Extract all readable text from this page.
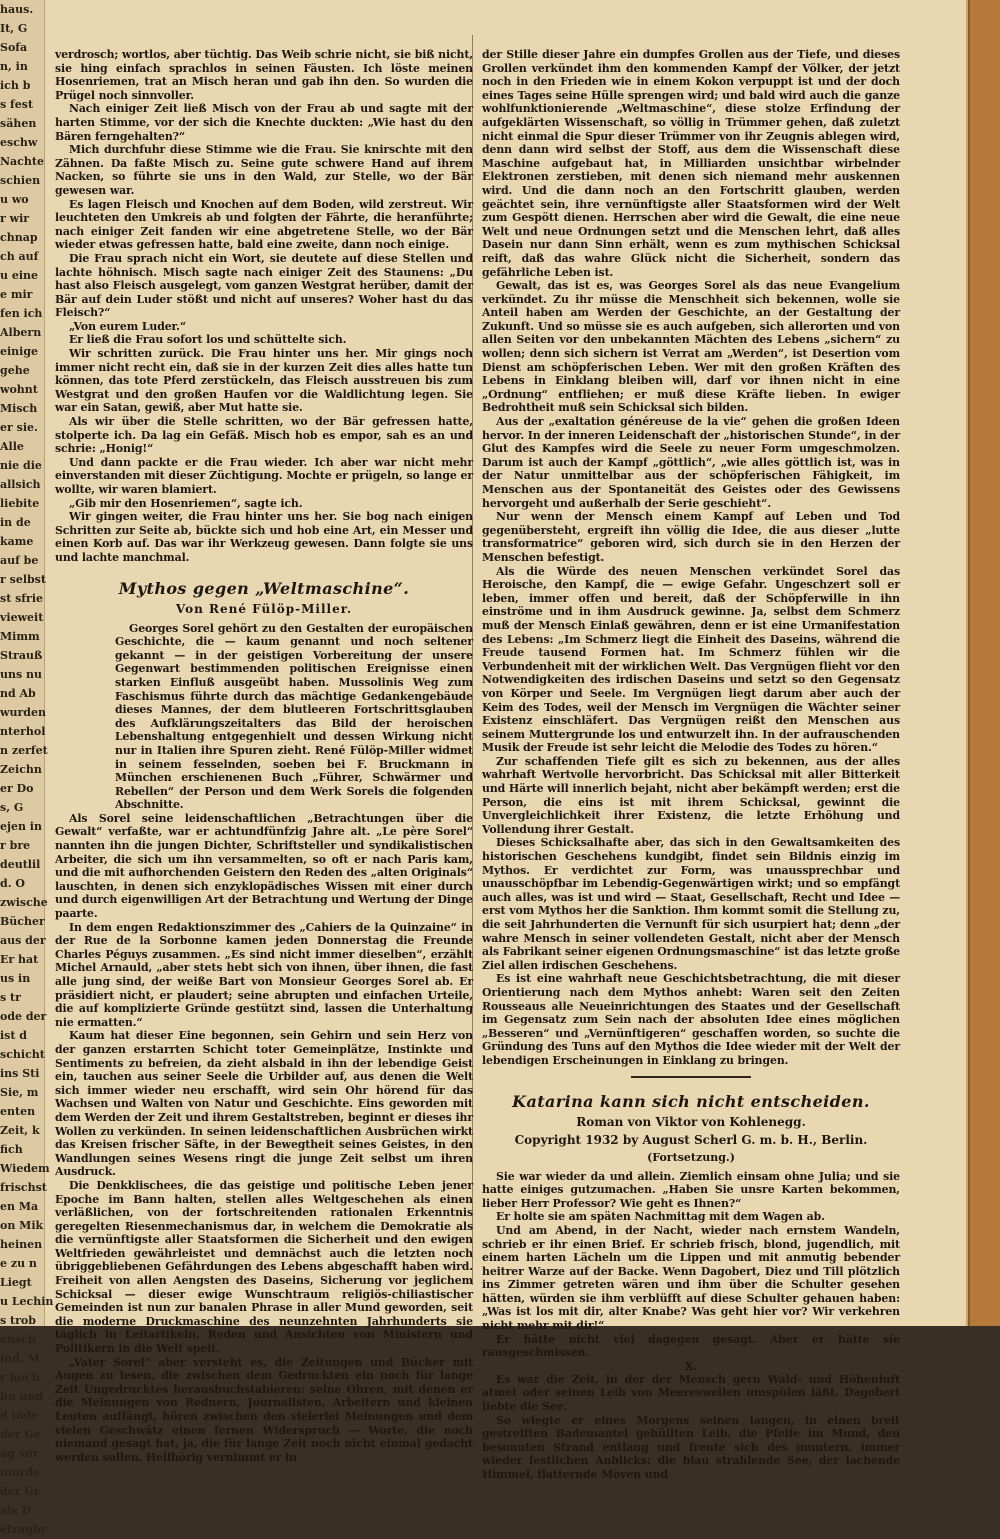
haus.
It, G
Sofa
n, in
ich b
s fest
sähen
eschw
Nachte
schien
u wo
r wir
chnap
ch auf
u eine
e mir
fen ich
Albern
einige
gehe
wohnt
Misch
er sie.
Alle
nie die
allsich
liebite
in de
kame
auf be
r selbst
st sfrie
vieweit
Mimm
Strauß
uns nu
nd Ab
wurden
nterhol
n zerfet
Zeichn
er Do
s, G
ejen in
r bre
deutlil
d. O
zwische
Bücher
aus der
Er hat
us in
s tr
ode der
ist d
schicht
ins Sti
Sie, m
enten
Zeit, k
fich
Wiedem
frischst
en Ma
on Mik
heinen
e zu n
Liegt
u Lechin
s trob
ensch
ind. M
r hoch
bu und
d inde
der Ge
ag sur
murde
der Gr
als D
etragbr

verdrosch; wortlos, aber tüchtig. Das Weib schrie nicht, sie biß nicht, sie hing einfach sprachlos in seinen Fäusten. Ich löste meinen Hosenriemen, trat an Misch heran und gab ihn den. So wurden die Prügel noch sinnvoller.

Nach einiger Zeit ließ Misch von der Frau ab und sagte mit der harten Stimme, vor der sich die Knechte duckten: „Wie hast du den Bären ferngehalten?“

Mich durchfuhr diese Stimme wie die Frau. Sie knirschte mit den Zähnen. Da faßte Misch zu. Seine gute schwere Hand auf ihrem Nacken, so führte sie uns in den Wald, zur Stelle, wo der Bär gewesen war.

Es lagen Fleisch und Knochen auf dem Boden, wild zerstreut. Wir leuchteten den Umkreis ab und folgten der Fährte, die heranführte; nach einiger Zeit fanden wir eine abgetretene Stelle, wo der Bär wieder etwas gefressen hatte, bald eine zweite, dann noch einige.

Die Frau sprach nicht ein Wort, sie deutete auf diese Stellen und lachte höhnisch. Misch sagte nach einiger Zeit des Staunens: „Du hast also Fleisch ausgelegt, vom ganzen Westgrat herüber, damit der Bär auf dein Luder stößt und nicht auf unseres? Woher hast du das Fleisch?“

„Von eurem Luder.“

Er ließ die Frau sofort los und schüttelte sich.

Wir schritten zurück. Die Frau hinter uns her. Mir gings noch immer nicht recht ein, daß sie in der kurzen Zeit dies alles hatte tun können, das tote Pferd zerstückeln, das Fleisch ausstreuen bis zum Westgrat und den großen Haufen vor die Waldlichtung legen. Sie war ein Satan, gewiß, aber Mut hatte sie.

Als wir über die Stelle schritten, wo der Bär gefressen hatte, stolperte ich. Da lag ein Gefäß. Misch hob es empor, sah es an und schrie: „Honig!“

Und dann packte er die Frau wieder. Ich aber war nicht mehr einverstanden mit dieser Züchtigung. Mochte er prügeln, so lange er wollte, wir waren blamiert.

„Gib mir den Hosenriemen“, sagte ich.

Wir gingen weiter, die Frau hinter uns her. Sie bog nach einigen Schritten zur Seite ab, bückte sich und hob eine Art, ein Messer und einen Korb auf. Das war ihr Werkzeug gewesen. Dann folgte sie uns und lachte manchmal.

Mythos gegen „Weltmaschine“.
Von René Fülöp-Miller.

Georges Sorel gehört zu den Gestalten der europäischen Geschichte, die — kaum genannt und noch seltener gekannt — in der geistigen Vorbereitung der unsere Gegenwart bestimmenden politischen Ereignisse einen starken Einfluß ausgeübt haben. Mussolinis Weg zum Faschismus führte durch das mächtige Gedankengebäude dieses Mannes, der dem blutleeren Fortschrittsglauben des Aufklärungszeitalters das Bild der heroischen Lebenshaltung entgegenhielt und dessen Wirkung nicht nur in Italien ihre Spuren zieht. René Fülöp-Miller widmet in seinem fesselnden, soeben bei F. Bruckmann in München erschienenen Buch „Führer, Schwärmer und Rebellen“ der Person und dem Werk Sorels die folgenden Abschnitte.

Als Sorel seine leidenschaftlichen „Betrachtungen über die Gewalt“ verfaßte, war er achtundfünfzig Jahre alt. „Le père Sorel“ nannten ihn die jungen Dichter, Schriftsteller und syndikalistischen Arbeiter, die sich um ihn versammelten, so oft er nach Paris kam, und die mit aufhorchenden Geistern den Reden des „alten Originals“ lauschten, in denen sich enzyklopädisches Wissen mit einer durch und durch eigenwilligen Art der Betrachtung und Wertung der Dinge paarte.

In dem engen Redaktionszimmer des „Cahiers de la Quinzaine“ in der Rue de la Sorbonne kamen jeden Donnerstag die Freunde Charles Péguys zusammen. „Es sind nicht immer dieselben“, erzählt Michel Arnauld, „aber stets hebt sich von ihnen, über ihnen, die fast alle jung sind, der weiße Bart von Monsieur Georges Sorel ab. Er präsidiert nicht, er plaudert; seine abrupten und einfachen Urteile, die auf komplizierte Gründe gestützt sind, lassen die Unterhaltung nie ermatten.“

Kaum hat dieser Eine begonnen, sein Gehirn und sein Herz von der ganzen erstarrten Schicht toter Gemeinplätze, Instinkte und Sentiments zu befreien, da zieht alsbald in ihn der lebendige Geist ein, tauchen aus seiner Seele die Urbilder auf, aus denen die Welt sich immer wieder neu erschafft, wird sein Ohr hörend für das Wachsen und Walten von Natur und Geschichte. Eins geworden mit dem Werden der Zeit und ihrem Gestaltstreben, beginnt er dieses ihr Wollen zu verkünden. In seinen leidenschaftlichen Ausbrüchen wirkt das Kreisen frischer Säfte, in der Bewegtheit seines Geistes, in den Wandlungen seines Wesens ringt die junge Zeit selbst um ihren Ausdruck.

Die Denkklischees, die das geistige und politische Leben jener Epoche im Bann halten, stellen alles Weltgeschehen als einen verläßlichen, von der fortschreitenden rationalen Erkenntnis geregelten Riesenmechanismus dar, in welchem die Demokratie als die vernünftigste aller Staatsformen die Sicherheit und den ewigen Weltfrieden gewährleistet und demnächst auch die letzten noch übriggebliebenen Gefährdungen des Lebens abgeschafft haben wird. Freiheit von allen Aengsten des Daseins, Sicherung vor jeglichem Schicksal — dieser ewige Wunschtraum religiös-chiliastischer Gemeinden ist nun zur banalen Phrase in aller Mund geworden, seit die moderne Druckmaschine des neunzehnten Jahrhunderts sie täglich in Leitartikeln, Reden und Ansichten von Ministern und Politikern in die Welt speit.

„Vater Sorel“ aber versteht es, die Zeitungen und Bücher mit Augen zu lesen, die zwischen dem Gedruckten ein noch für lange Zeit Ungedrucktes herausbuchstabieren: seine Ohren, mit denen er die Meinungen von Rednern, Journalisten, Arbeitern und kleinen Leuten auffängt, hören zwischen den vielerlei Meinungen und dem vielen Geschwätz einen fernen Widerspruch — Worte, die noch niemand gesagt hat, ja, die für lange Zeit noch nicht einmal gedacht werden sollen. Hellhörig vernimmt er in

der Stille dieser Jahre ein dumpfes Grollen aus der Tiefe, und dieses Grollen verkündet ihm den kommenden Kampf der Völker, der jetzt noch in den Frieden wie in einem Kokon verpuppt ist und der doch eines Tages seine Hülle sprengen wird; und bald wird auch die ganze wohlfunktionierende „Weltmaschine“, diese stolze Erfindung der aufgeklärten Wissenschaft, so völlig in Trümmer gehen, daß zuletzt nicht einmal die Spur dieser Trümmer von ihr Zeugnis ablegen wird, denn dann wird selbst der Stoff, aus dem die Wissenschaft diese Maschine aufgebaut hat, in Milliarden unsichtbar wirbelnder Elektronen zerstieben, mit denen sich niemand mehr auskennen wird. Und die dann noch an den Fortschritt glauben, werden geächtet sein, ihre vernünftigste aller Staatsformen wird der Welt zum Gespött dienen. Herrschen aber wird die Gewalt, die eine neue Welt und neue Ordnungen setzt und die Menschen lehrt, daß alles Dasein nur dann Sinn erhält, wenn es zum mythischen Schicksal reift, daß das wahre Glück nicht die Sicherheit, sondern das gefährliche Leben ist.

Gewalt, das ist es, was Georges Sorel als das neue Evangelium verkündet. Zu ihr müsse die Menschheit sich bekennen, wolle sie Anteil haben am Werden der Geschichte, an der Gestaltung der Zukunft. Und so müsse sie es auch aufgeben, sich allerorten und von allen Seiten vor den unbekannten Mächten des Lebens „sichern“ zu wollen; denn sich sichern ist Verrat am „Werden“, ist Desertion vom Dienst am schöpferischen Leben. Wer mit den großen Kräften des Lebens in Einklang bleiben will, darf vor ihnen nicht in eine „Ordnung“ entfliehen; er muß diese Kräfte lieben. In ewiger Bedrohtheit muß sein Schicksal sich bilden.

Aus der „exaltation généreuse de la vie“ gehen die großen Ideen hervor. In der inneren Leidenschaft der „historischen Stunde“, in der Glut des Kampfes wird die Seele zu neuer Form umgeschmolzen. Darum ist auch der Kampf „göttlich“, „wie alles göttlich ist, was in der Natur unmittelbar aus der schöpferischen Fähigkeit, im Menschen aus der Spontaneität des Geistes oder des Gewissens hervorgeht und außerhalb der Serie geschieht“.

Nur wenn der Mensch einem Kampf auf Leben und Tod gegenübersteht, ergreift ihn völlig die Idee, die aus dieser „lutte transformatrice“ geboren wird, sich durch sie in den Herzen der Menschen befestigt.

Als die Würde des neuen Menschen verkündet Sorel das Heroische, den Kampf, die — ewige Gefahr. Ungeschzert soll er leben, immer offen und bereit, daß der Schöpferwille in ihn einströme und in ihm Ausdruck gewinne. Ja, selbst dem Schmerz muß der Mensch Einlaß gewähren, denn er ist eine Urmanifestation des Lebens: „Im Schmerz liegt die Einheit des Daseins, während die Freude tausend Formen hat. Im Schmerz fühlen wir die Verbundenheit mit der wirklichen Welt. Das Vergnügen flieht vor den Notwendigkeiten des irdischen Daseins und setzt so den Gegensatz von Körper und Seele. Im Vergnügen liegt darum aber auch der Keim des Todes, weil der Mensch im Vergnügen die Wächter seiner Existenz einschläfert. Das Vergnügen reißt den Menschen aus seinem Muttergrunde los und entwurzelt ihn. In der aufrauschenden Musik der Freude ist sehr leicht die Melodie des Todes zu hören.“

Zur schaffenden Tiefe gilt es sich zu bekennen, aus der alles wahrhaft Wertvolle hervorbricht. Das Schicksal mit aller Bitterkeit und Härte will innerlich bejaht, nicht aber bekämpft werden; erst die Person, die eins ist mit ihrem Schicksal, gewinnt die Unvergleichlichkeit ihrer Existenz, die letzte Erhöhung und Vollendung ihrer Gestalt.

Dieses Schicksalhafte aber, das sich in den Gewaltsamkeiten des historischen Geschehens kundgibt, findet sein Bildnis einzig im Mythos. Er verdichtet zur Form, was unaussprechbar und unausschöpfbar im Lebendig-Gegenwärtigen wirkt; und so empfängt auch alles, was ist und wird — Staat, Gesellschaft, Recht und Idee — erst vom Mythos her die Sanktion. Ihm kommt somit die Stellung zu, die seit Jahrhunderten die Vernunft für sich usurpiert hat; denn „der wahre Mensch in seiner vollendeten Gestalt, nicht aber der Mensch als Fabrikant seiner eigenen Ordnungsmaschine“ ist das letzte große Ziel allen irdischen Geschehens.

Es ist eine wahrhaft neue Geschichtsbetrachtung, die mit dieser Orientierung nach dem Mythos anhebt: Waren seit den Zeiten Rousseaus alle Neueinrichtungen des Staates und der Gesellschaft im Gegensatz zum Sein nach der absoluten Idee eines möglichen „Besseren“ und „Vernünftigeren“ geschaffen worden, so suchte die Gründung des Tuns auf den Mythos die Idee wieder mit der Welt der lebendigen Erscheinungen in Einklang zu bringen.

Katarina kann sich nicht entscheiden.
Roman von Viktor von Kohlenegg.
Copyright 1932 by August Scherl G. m. b. H., Berlin.
(Fortsetzung.)

Sie war wieder da und allein. Ziemlich einsam ohne Julia; und sie hatte einiges gutzumachen. „Haben Sie unsre Karten bekommen, lieber Herr Professor? Wie geht es Ihnen?“

Er holte sie am späten Nachmittag mit dem Wagen ab.

Und am Abend, in der Nacht, wieder nach ernstem Wandeln, schrieb er ihr einen Brief. Er schrieb frisch, blond, jugendlich, mit einem harten Lächeln um die Lippen und mit anmutig bebender heitrer Warze auf der Backe. Wenn Dagobert, Diez und Till plötzlich ins Zimmer getreten wären und ihm über die Schulter gesehen hätten, würden sie ihm verblüfft auf diese Schulter gehauen haben: „Was ist los mit dir, alter Knabe? Was geht hier vor? Wir verkehren nicht mehr mit dir!“

Er hätte nicht viel dagegen gesagt. Aber er hätte sie rausgeschmissen.

X.

Es war die Zeit, in der der Mensch gern Wald- und Höhenluft atmet oder seinen Leib von Meereswellen umspülen läßt. Dagobert liebte die See.

So wiegte er eines Morgens seinen langen, in einen breit gestreiften Bademantel gehüllten Leib, die Pfeife im Mund, den besonnten Strand entlang und freute sich des muntern, immer wieder festlichen Anblicks: die blau strahlende See, der lachende Himmel, flatternde Möven und
